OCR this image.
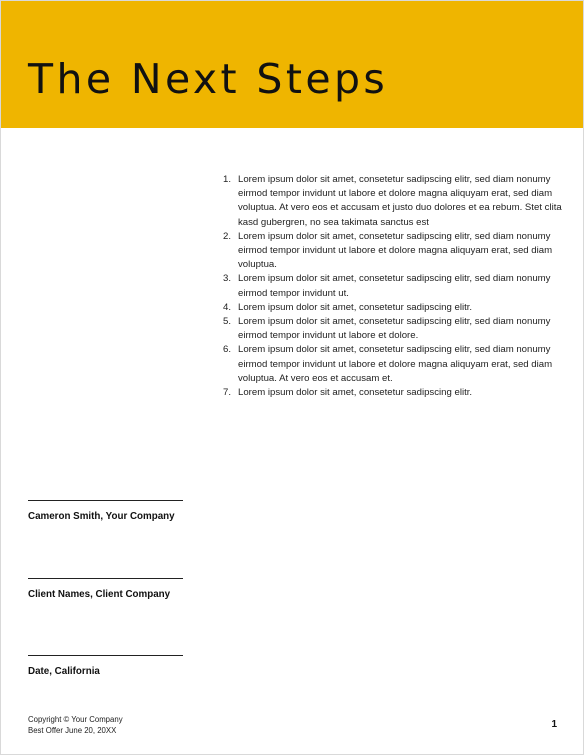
The Next Steps
1. Lorem ipsum dolor sit amet, consetetur sadipscing elitr, sed diam nonumy eirmod tempor invidunt ut labore et dolore magna aliquyam erat, sed diam voluptua. At vero eos et accusam et justo duo dolores et ea rebum. Stet clita kasd gubergren, no sea takimata sanctus est
2. Lorem ipsum dolor sit amet, consetetur sadipscing elitr, sed diam nonumy eirmod tempor invidunt ut labore et dolore magna aliquyam erat, sed diam voluptua.
3. Lorem ipsum dolor sit amet, consetetur sadipscing elitr, sed diam nonumy eirmod tempor invidunt ut.
4. Lorem ipsum dolor sit amet, consetetur sadipscing elitr.
5. Lorem ipsum dolor sit amet, consetetur sadipscing elitr, sed diam nonumy eirmod tempor invidunt ut labore et dolore.
6. Lorem ipsum dolor sit amet, consetetur sadipscing elitr, sed diam nonumy eirmod tempor invidunt ut labore et dolore magna aliquyam erat, sed diam voluptua. At vero eos et accusam et.
7. Lorem ipsum dolor sit amet, consetetur sadipscing elitr.
Cameron Smith, Your Company
Client Names, Client Company
Date, California
Copyright © Your Company
Best Offer June 20, 20XX
1
